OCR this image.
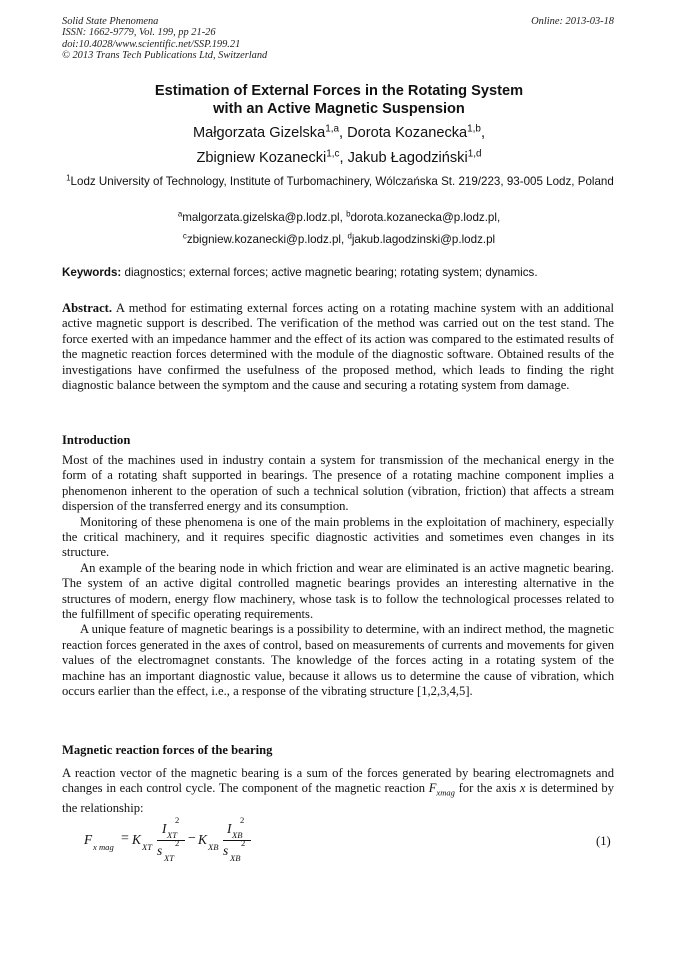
Solid State Phenomena
ISSN: 1662-9779, Vol. 199, pp 21-26
doi:10.4028/www.scientific.net/SSP.199.21
© 2013 Trans Tech Publications Ltd, Switzerland
Online: 2013-03-18
Estimation of External Forces in the Rotating System
with an Active Magnetic Suspension
Małgorzata Gizelska$^{1,a}$, Dorota Kozanecka$^{1,b}$,
Zbigniew Kozanecki$^{1,c}$, Jakub Łagodziński$^{1,d}$
$^1$Lodz University of Technology, Institute of Turbomachinery, Wólczańska St. 219/223, 93-005 Lodz, Poland
$^a$malgorzata.gizelska@p.lodz.pl, $^b$dorota.kozanecka@p.lodz.pl,
$^c$zbigniew.kozanecki@p.lodz.pl, $^d$jakub.lagodzinski@p.lodz.pl
Keywords: diagnostics; external forces; active magnetic bearing; rotating system; dynamics.
Abstract. A method for estimating external forces acting on a rotating machine system with an additional active magnetic support is described. The verification of the method was carried out on the test stand. The force exerted with an impedance hammer and the effect of its action was compared to the estimated results of the magnetic reaction forces determined with the module of the diagnostic software. Obtained results of the investigations have confirmed the usefulness of the proposed method, which leads to finding the right diagnostic balance between the symptom and the cause and securing a rotating system from damage.
Introduction

Most of the machines used in industry contain a system for transmission of the mechanical energy in the form of a rotating shaft supported in bearings. The presence of a rotating machine component implies a phenomenon inherent to the operation of such a technical solution (vibration, friction) that affects a stream dispersion of the transferred energy and its consumption.

Monitoring of these phenomena is one of the main problems in the exploitation of machinery, especially the critical machinery, and it requires specific diagnostic activities and sometimes even changes in its structure.

An example of the bearing node in which friction and wear are eliminated is an active magnetic bearing. The system of an active digital controlled magnetic bearings provides an interesting alternative in the structures of modern, energy flow machinery, whose task is to follow the technological processes related to the fulfillment of specific operating requirements.

A unique feature of magnetic bearings is a possibility to determine, with an indirect method, the magnetic reaction forces generated in the axes of control, based on measurements of currents and movements for given values of the electromagnet constants. The knowledge of the forces acting in a rotating system of the machine has an important diagnostic value, because it allows us to determine the cause of vibration, which occurs earlier than the effect, i.e., a response of the vibrating structure [1,2,3,4,5].

Magnetic reaction forces of the bearing
A reaction vector of the magnetic bearing is a sum of the forces generated by bearing electromagnets and changes in each control cycle. The component of the magnetic reaction $F_{xmag}$ for the axis x is determined by the relationship:
F x mag
= K XT
I
2
XT
s 2
XT
− K XB
I
2
XB
s 2
XB
(1)
